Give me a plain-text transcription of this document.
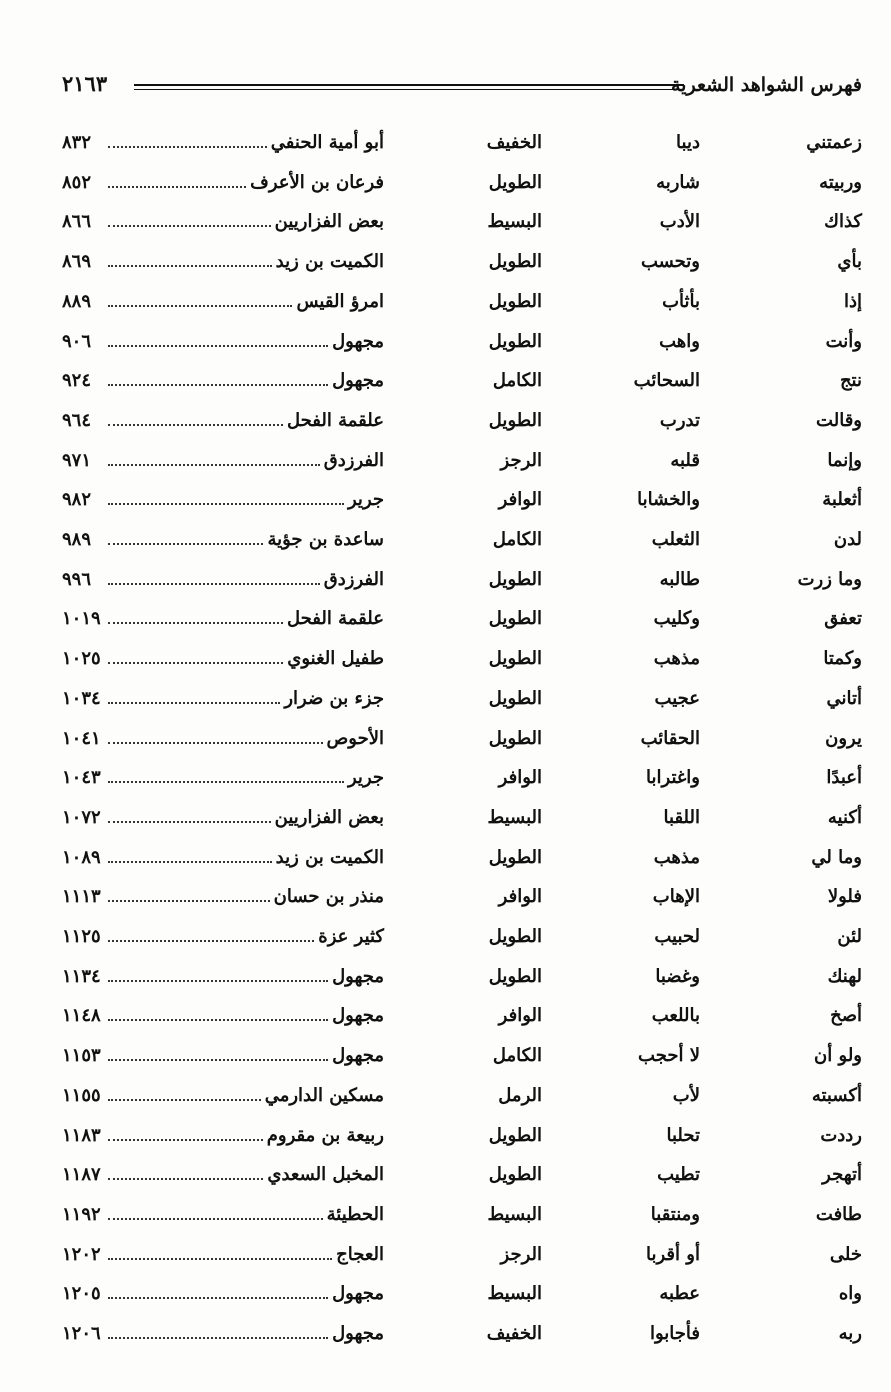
فهرس الشواهد الشعرية
٢١٦٣
زعمتني
ديبا
الخفيف
أبو أمية الحنفي
٨٣٢
وربيته
شاربه
الطويل
فرعان بن الأعرف
٨٥٢
كذاك
الأدب
البسيط
بعض الفزاريين
٨٦٦
بأي
وتحسب
الطويل
الكميت بن زيد
٨٦٩
إذا
بأثأب
الطويل
امرؤ القيس
٨٨٩
وأنت
واهب
الطويل
مجهول
٩٠٦
نتج
السحائب
الكامل
مجهول
٩٢٤
وقالت
تدرب
الطويل
علقمة الفحل
٩٦٤
وإنما
قلبه
الرجز
الفرزدق
٩٧١
أثعلبة
والخشابا
الوافر
جرير
٩٨٢
لدن
الثعلب
الكامل
ساعدة بن جؤية
٩٨٩
وما زرت
طالبه
الطويل
الفرزدق
٩٩٦
تعفق
وكليب
الطويل
علقمة الفحل
١٠١٩
وكمتا
مذهب
الطويل
طفيل الغنوي
١٠٢٥
أتاني
عجيب
الطويل
جزء بن ضرار
١٠٣٤
يرون
الحقائب
الطويل
الأحوص
١٠٤١
أعبدًا
واغترابا
الوافر
جرير
١٠٤٣
أكنيه
اللقبا
البسيط
بعض الفزاريين
١٠٧٢
وما لي
مذهب
الطويل
الكميت بن زيد
١٠٨٩
فلولا
الإهاب
الوافر
منذر بن حسان
١١١٣
لئن
لحبيب
الطويل
كثير عزة
١١٢٥
لهنك
وغضبا
الطويل
مجهول
١١٣٤
أصخ
باللعب
الوافر
مجهول
١١٤٨
ولو أن
لا أحجب
الكامل
مجهول
١١٥٣
أكسبته
لأب
الرمل
مسكين الدارمي
١١٥٥
رددت
تحلبا
الطويل
ربيعة بن مقروم
١١٨٣
أتهجر
تطيب
الطويل
المخبل السعدي
١١٨٧
طافت
ومنتقبا
البسيط
الحطيئة
١١٩٢
خلى
أو أقربا
الرجز
العجاج
١٢٠٢
واه
عطبه
البسيط
مجهول
١٢٠٥
ربه
فأجابوا
الخفيف
مجهول
١٢٠٦
